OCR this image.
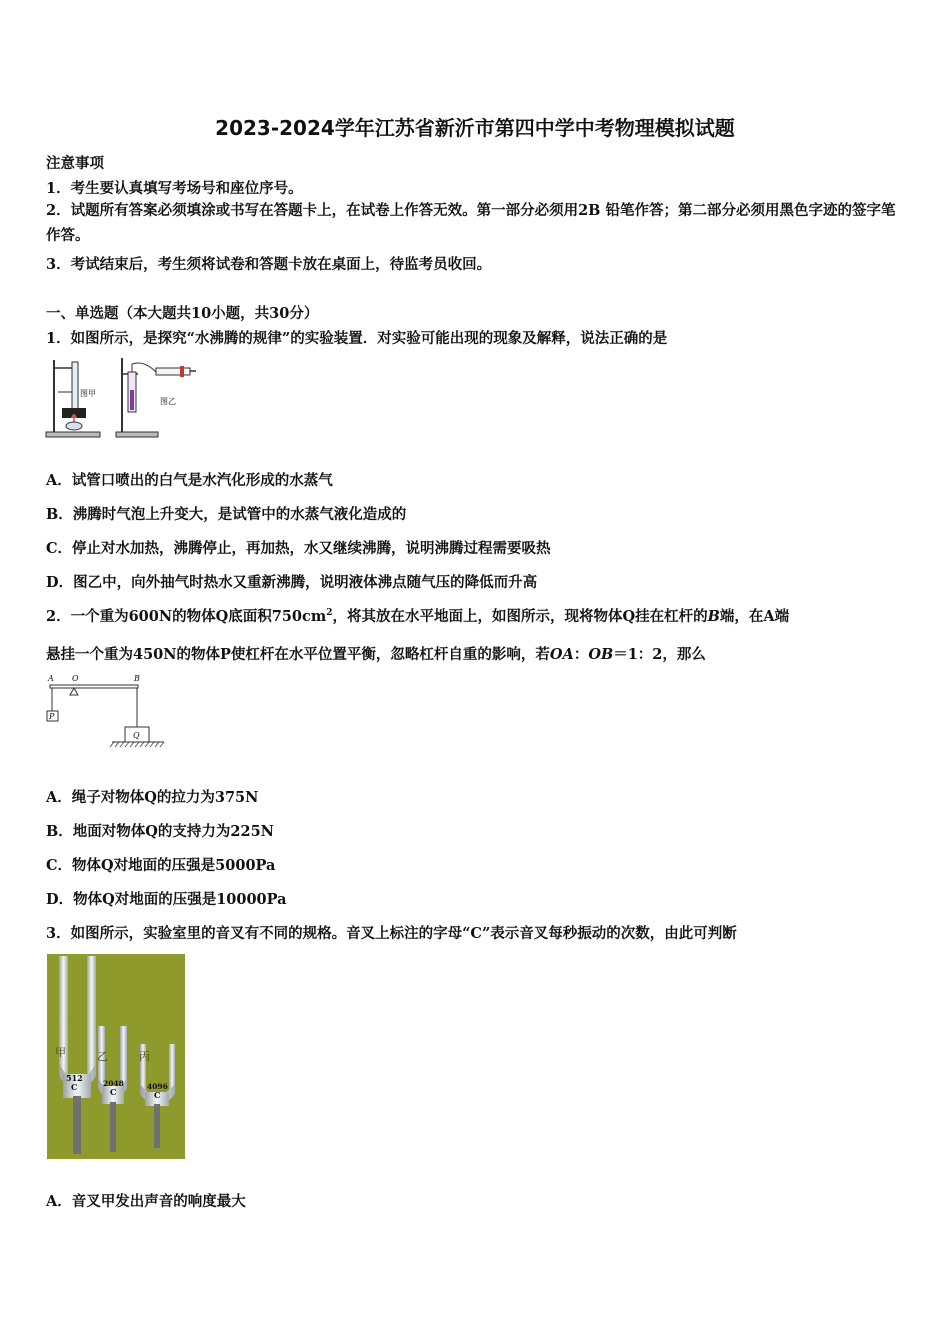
2023-2024学年江苏省新沂市第四中学中考物理模拟试题
注意事项
1．考生要认真填写考场号和座位序号。
2．试题所有答案必须填涂或书写在答题卡上，在试卷上作答无效。第一部分必须用2B 铅笔作答；第二部分必须用黑色字迹的签字笔作答。
3．考试结束后，考生须将试卷和答题卡放在桌面上，待监考员收回。
一、单选题（本大题共10小题，共30分）
1．如图所示，是探究“水沸腾的规律”的实验装置．对实验可能出现的现象及解释，说法正确的是
图甲
图乙
A．试管口喷出的白气是水汽化形成的水蒸气
B．沸腾时气泡上升变大，是试管中的水蒸气液化造成的
C．停止对水加热，沸腾停止，再加热，水又继续沸腾，说明沸腾过程需要吸热
D．图乙中，向外抽气时热水又重新沸腾，说明液体沸点随气压的降低而升高
2．一个重为600N的物体Q底面积$750cm^2$，将其放在水平地面上，如图所示，现将物体Q挂在杠杆的B端，在A端
悬挂一个重为450N的物体P使杠杆在水平位置平衡，忽略杠杆自重的影响，若OA：OB＝1：2，那么
A O	B
P
Q
A．绳子对物体Q的拉力为375N
B．地面对物体Q的支持力为225N
C．物体Q对地面的压强是5000Pa
D．物体Q对地面的压强是10000Pa
3．如图所示，实验室里的音叉有不同的规格。音叉上标注的字母“C”表示音叉每秒振动的次数，由此可判断
甲
512
C
乙
2048
C
丙
4096
C
A．音叉甲发出声音的响度最大
